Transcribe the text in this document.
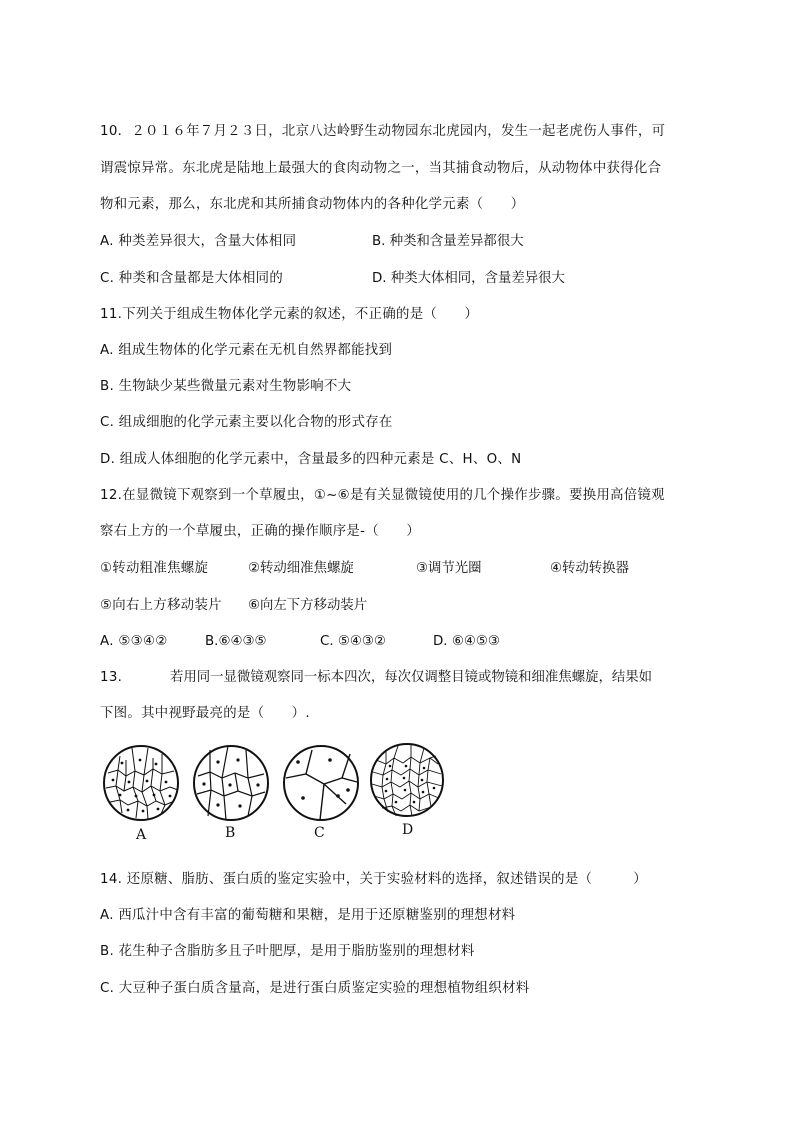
10．２０１６年７月２３日，北京八达岭野生动物园东北虎园内，发生一起老虎伤人事件，可
谓震惊异常。东北虎是陆地上最强大的食肉动物之一，当其捕食动物后，从动物体中获得化合
物和元素，那么，东北虎和其所捕食动物体内的各种化学元素（　　）
A. 种类差异很大，含量大体相同	B. 种类和含量差异都很大
C. 种类和含量都是大体相同的	D. 种类大体相同，含量差异很大
11.下列关于组成生物体化学元素的叙述，不正确的是（　　）
A. 组成生物体的化学元素在无机自然界都能找到
B. 生物缺少某些微量元素对生物影响不大
C. 组成细胞的化学元素主要以化合物的形式存在
D. 组成人体细胞的化学元素中，含量最多的四种元素是 C、H、O、N
12.在显微镜下观察到一个草履虫，①~⑥是有关显微镜使用的几个操作步骤。要换用高倍镜观
察右上方的一个草履虫，正确的操作顺序是-（　　）
①转动粗准焦螺旋	②转动细准焦螺旋	③调节光圈	④转动转换器
⑤向右上方移动装片 ⑥向左下方移动装片
A. ⑤③④②	B.⑥④③⑤	C. ⑤④③②	D. ⑥④⑤③
13.	若用同一显微镜观察同一标本四次，每次仅调整目镜或物镜和细准焦螺旋，结果如
下图。其中视野最亮的是（　　）.
A	B	C	D
14. 还原糖、脂肪、蛋白质的鉴定实验中，关于实验材料的选择，叙述错误的是（　　　）
A. 西瓜汁中含有丰富的葡萄糖和果糖，是用于还原糖鉴别的理想材料
B. 花生种子含脂肪多且子叶肥厚，是用于脂肪鉴别的理想材料
C. 大豆种子蛋白质含量高，是进行蛋白质鉴定实验的理想植物组织材料
